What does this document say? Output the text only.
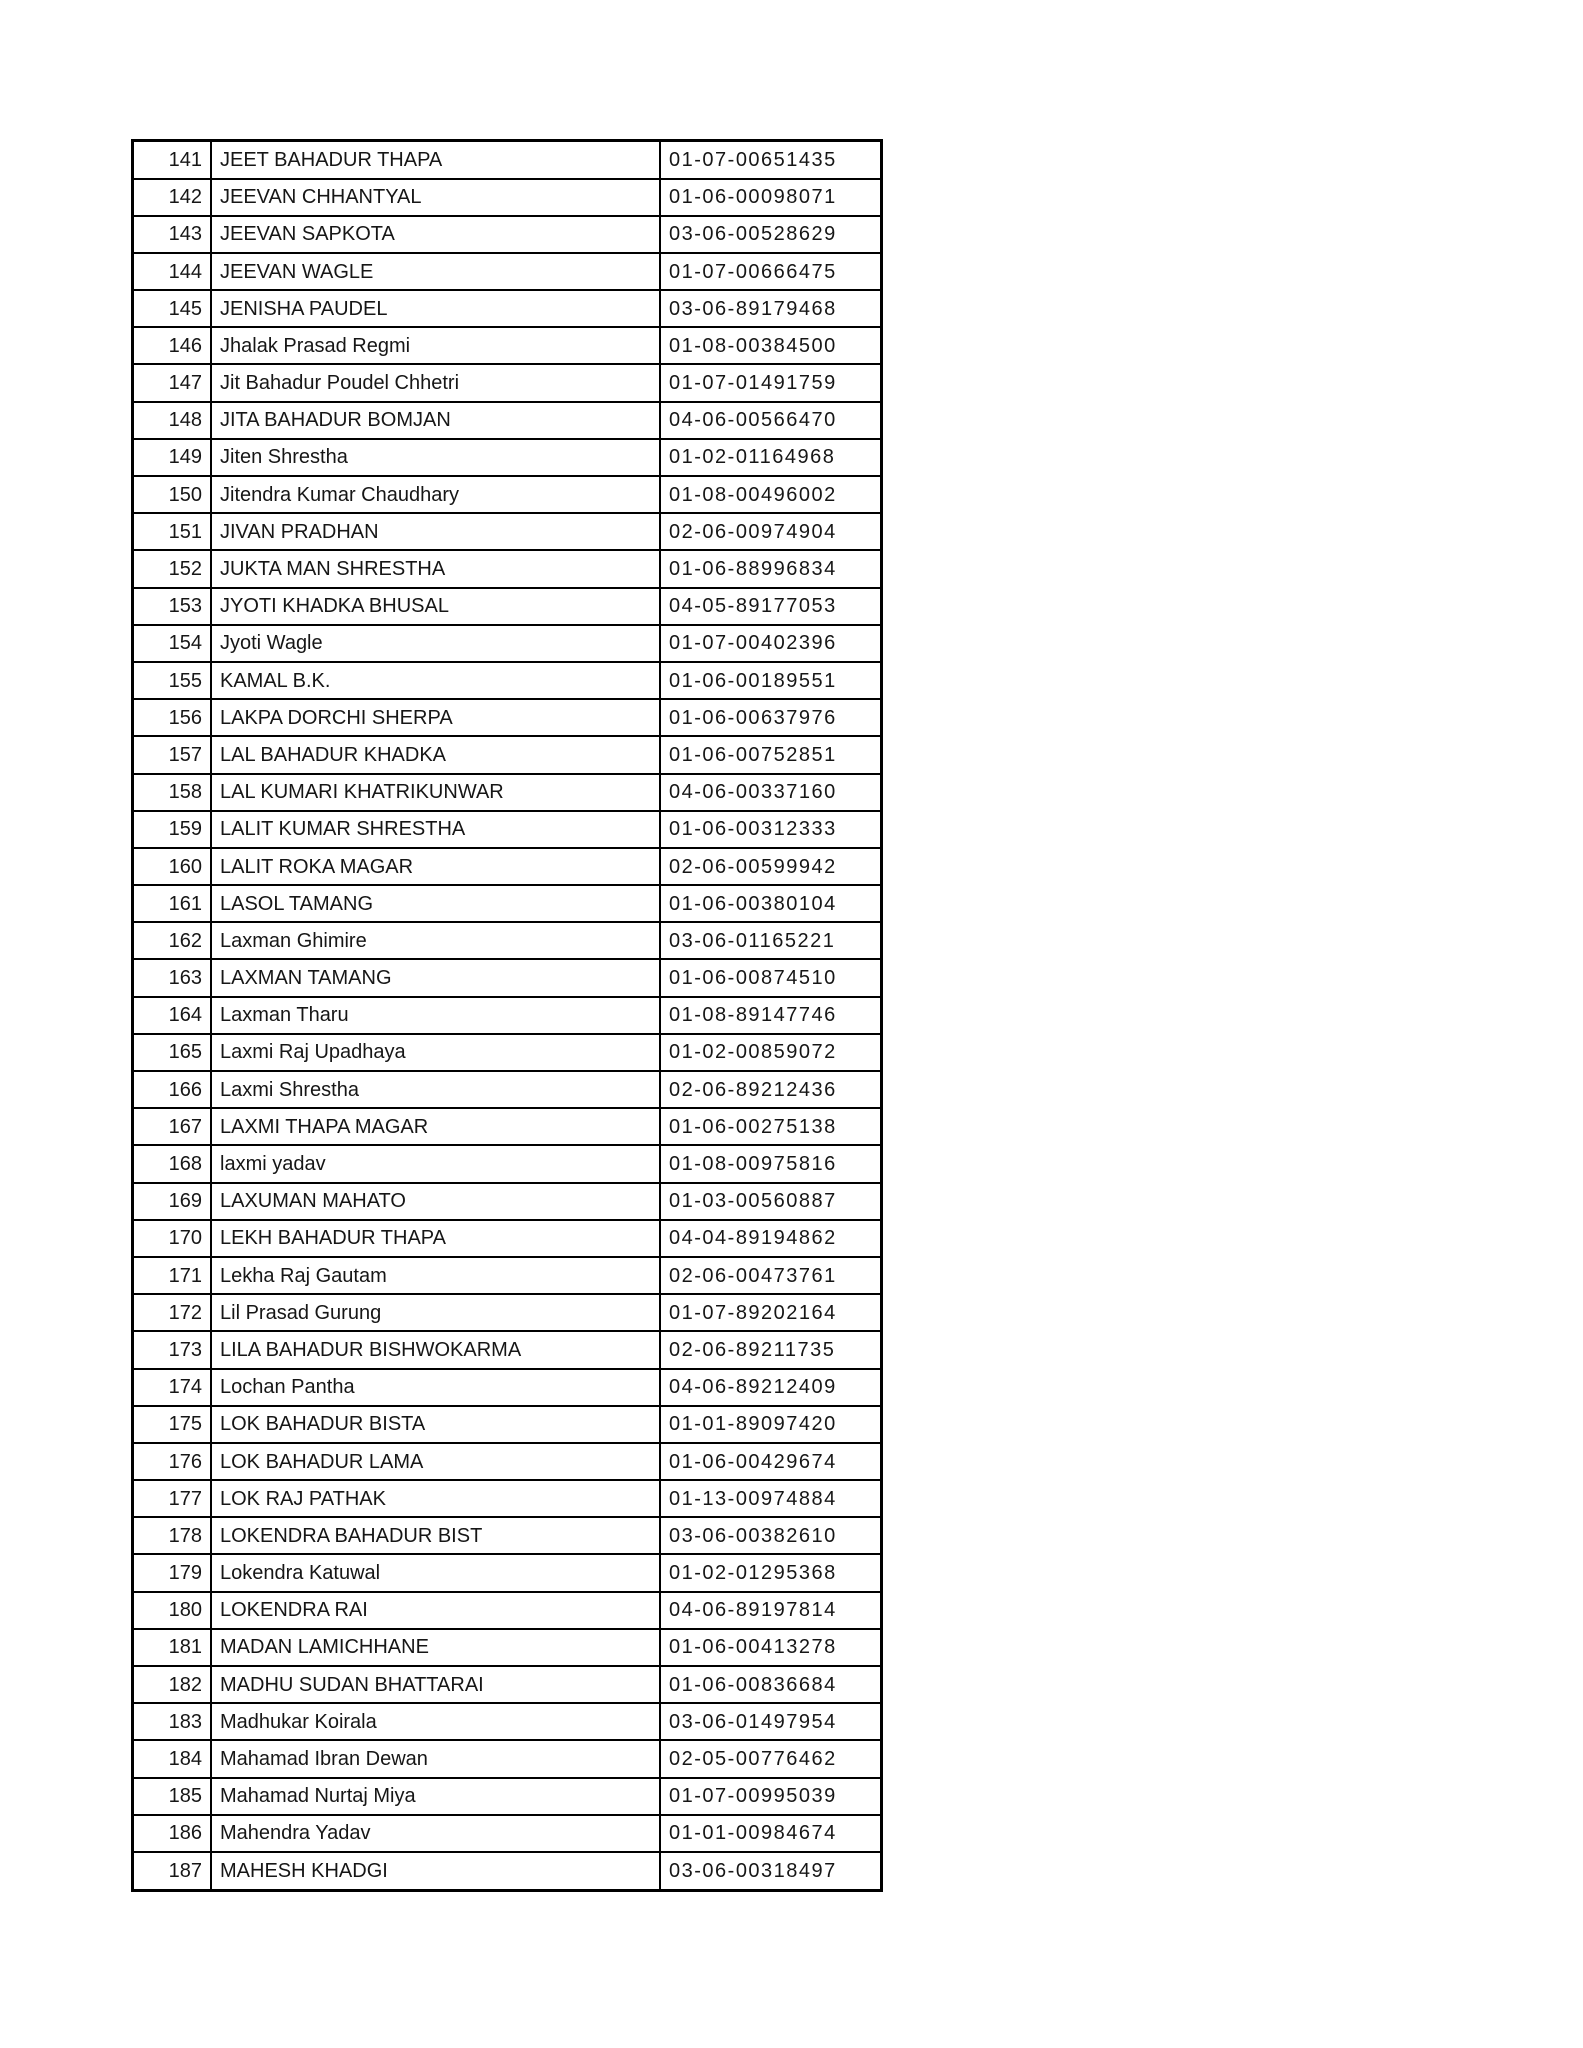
141	JEET BAHADUR THAPA	01-07-00651435
142	JEEVAN CHHANTYAL	01-06-00098071
143	JEEVAN SAPKOTA	03-06-00528629
144	JEEVAN WAGLE	01-07-00666475
145	JENISHA PAUDEL	03-06-89179468
146	Jhalak Prasad Regmi	01-08-00384500
147	Jit Bahadur Poudel Chhetri	01-07-01491759
148	JITA BAHADUR BOMJAN	04-06-00566470
149	Jiten Shrestha	01-02-01164968
150	Jitendra Kumar Chaudhary	01-08-00496002
151	JIVAN PRADHAN	02-06-00974904
152	JUKTA MAN SHRESTHA	01-06-88996834
153	JYOTI KHADKA BHUSAL	04-05-89177053
154	Jyoti Wagle	01-07-00402396
155	KAMAL B.K.	01-06-00189551
156	LAKPA DORCHI SHERPA	01-06-00637976
157	LAL BAHADUR KHADKA	01-06-00752851
158	LAL KUMARI KHATRIKUNWAR	04-06-00337160
159	LALIT KUMAR SHRESTHA	01-06-00312333
160	LALIT ROKA MAGAR	02-06-00599942
161	LASOL TAMANG	01-06-00380104
162	Laxman Ghimire	03-06-01165221
163	LAXMAN TAMANG	01-06-00874510
164	Laxman Tharu	01-08-89147746
165	Laxmi Raj Upadhaya	01-02-00859072
166	Laxmi Shrestha	02-06-89212436
167	LAXMI THAPA MAGAR	01-06-00275138
168	laxmi yadav	01-08-00975816
169	LAXUMAN MAHATO	01-03-00560887
170	LEKH BAHADUR THAPA	04-04-89194862
171	Lekha Raj Gautam	02-06-00473761
172	Lil Prasad Gurung	01-07-89202164
173	LILA BAHADUR BISHWOKARMA	02-06-89211735
174	Lochan Pantha	04-06-89212409
175	LOK BAHADUR BISTA	01-01-89097420
176	LOK BAHADUR LAMA	01-06-00429674
177	LOK RAJ PATHAK	01-13-00974884
178	LOKENDRA BAHADUR BIST	03-06-00382610
179	Lokendra Katuwal	01-02-01295368
180	LOKENDRA RAI	04-06-89197814
181	MADAN LAMICHHANE	01-06-00413278
182	MADHU SUDAN BHATTARAI	01-06-00836684
183	Madhukar Koirala	03-06-01497954
184	Mahamad Ibran Dewan	02-05-00776462
185	Mahamad Nurtaj Miya	01-07-00995039
186	Mahendra Yadav	01-01-00984674
187	MAHESH KHADGI	03-06-00318497
